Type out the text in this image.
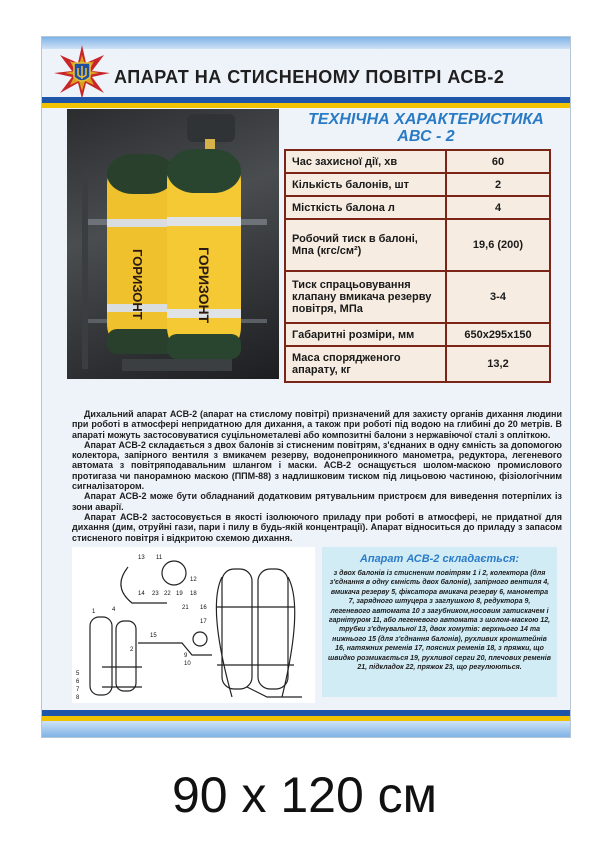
АПАРАТ НА СТИСНЕНОМУ ПОВІТРІ АСВ-2
ГОРИЗОНТ	ГОРИЗОНТ
ТЕХНІЧНА ХАРАКТЕРИСТИКА
АВС - 2
Час захисної дії, хв	60
Кількість балонів, шт	2
Місткість балона л	4
Робочий тиск в балоні, Мпа (кгс/см²)	19,6 (200)
Тиск спрацьовування клапану вмикача резерву повітря, МПа	3-4
Габаритні розміри, мм	650х295х150
Маса спорядженого апарату, кг	13,2

Дихальний апарат АСВ-2 (апарат на стислому повітрі) призначений для захисту органів дихання людини при роботі в атмосфері непридатною для дихання, а також при роботі під водою на глибині до 20 метрів. В апараті можуть застосовуватися суцільнометалеві або композитні балони з нержавіючої сталі з опліткою.

Апарат АСВ-2 складається з двох балонів зі стисненим повітрям, з'єднаних в одну ємність за допомогою колектора, запірного вентиля з вмикачем резерву, водонепроникного манометра, редуктора, легеневого автомата з повітряподавальним шлангом і маски. АСВ-2 оснащується шолом-маскою промислового протигаза чи панорамною маскою (ППМ-88) з надлишковим тиском під лицьовою частиною, фізіологічним сигналізатором.

Апарат АСВ-2 може бути обладнаний додатковим рятувальним пристроєм для виведення потерпілих із зони аварії.

Апарат АСВ-2 застосовується в якості ізолюючого приладу при роботі в атмосфері, не придатної для дихання (дим, отруйні гази, пари і пилу в будь-якій концентрації). Апарат відноситься до приладу з запасом стисненого повітря і відкритою схемою дихання.

13 11
12
14 23 22 19 18
21 16
17
15
5
6
7
8
2
1
9
10
4
Апарат АСВ-2 складається:
з двох балонів із стисненим повітрям 1 і 2, колектора (для з'єднання в одну ємність двох балонів), запірного вентиля 4, вмикача резерву 5, фіксатора вмикача резерву 6, манометра 7, зарядного штуцера з заглушкою 8, редуктора 9, легеневого автомата 10 з загубником,носовим затискачем і гарнітуром 11, або легеневого автомата з шолом-маскою 12, трубки з'єднувальної 13, двох хомутів: верхнього 14 та нижнього 15 (для з'єднання балонів), рухливих кронштейнів 16, натяжних ременів 17, поясних ременів 18, з пряжки, що швидко розмикається 19, рухливої серги 20, плечових ременів 21, підкладок 22, пряжок 23, що регулюються.
90 x 120 см
